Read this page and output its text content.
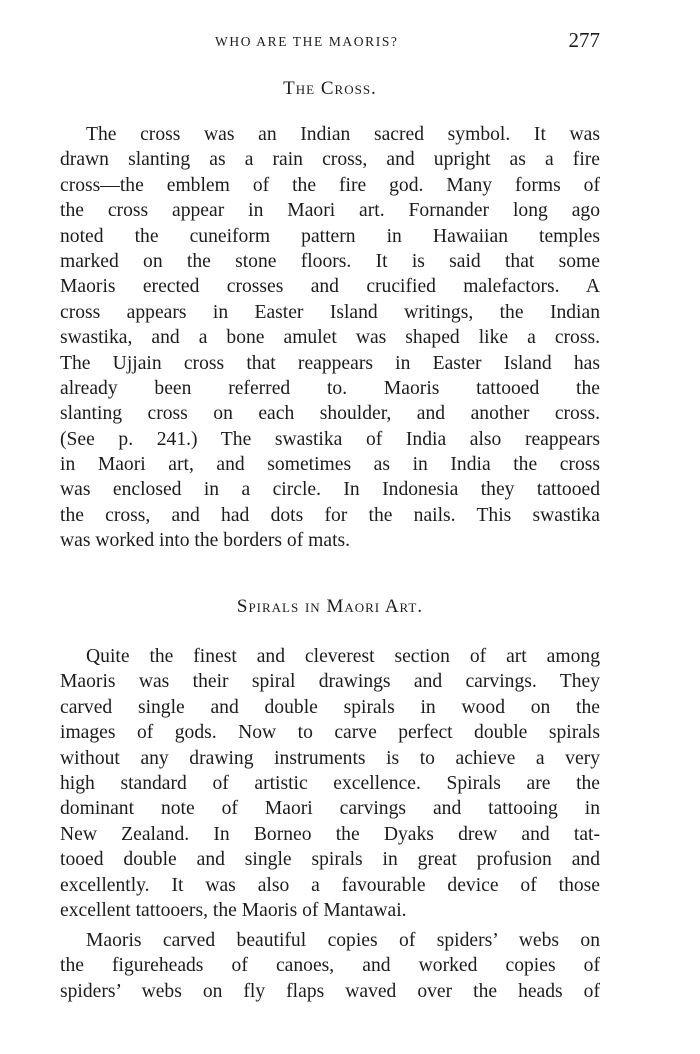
WHO ARE THE MAORIS?	277
The Cross.
The cross was an Indian sacred symbol. It was
drawn slanting as a rain cross, and upright as a fire
cross—the emblem of the fire god. Many forms of
the cross appear in Maori art. Fornander long ago
noted the cuneiform pattern in Hawaiian temples
marked on the stone floors. It is said that some
Maoris erected crosses and crucified malefactors. A
cross appears in Easter Island writings, the Indian
swastika, and a bone amulet was shaped like a cross.
The Ujjain cross that reappears in Easter Island has
already been referred to. Maoris tattooed the
slanting cross on each shoulder, and another cross.
(See p. 241.) The swastika of India also reappears
in Maori art, and sometimes as in India the cross
was enclosed in a circle. In Indonesia they tattooed
the cross, and had dots for the nails. This swastika
was worked into the borders of mats.
Spirals in Maori Art.
Quite the finest and cleverest section of art among
Maoris was their spiral drawings and carvings. They
carved single and double spirals in wood on the
images of gods. Now to carve perfect double spirals
without any drawing instruments is to achieve a very
high standard of artistic excellence. Spirals are the
dominant note of Maori carvings and tattooing in
New Zealand. In Borneo the Dyaks drew and tat-
tooed double and single spirals in great profusion and
excellently. It was also a favourable device of those
excellent tattooers, the Maoris of Mantawai.
Maoris carved beautiful copies of spiders’ webs on
the figureheads of canoes, and worked copies of
spiders’ webs on fly flaps waved over the heads of
